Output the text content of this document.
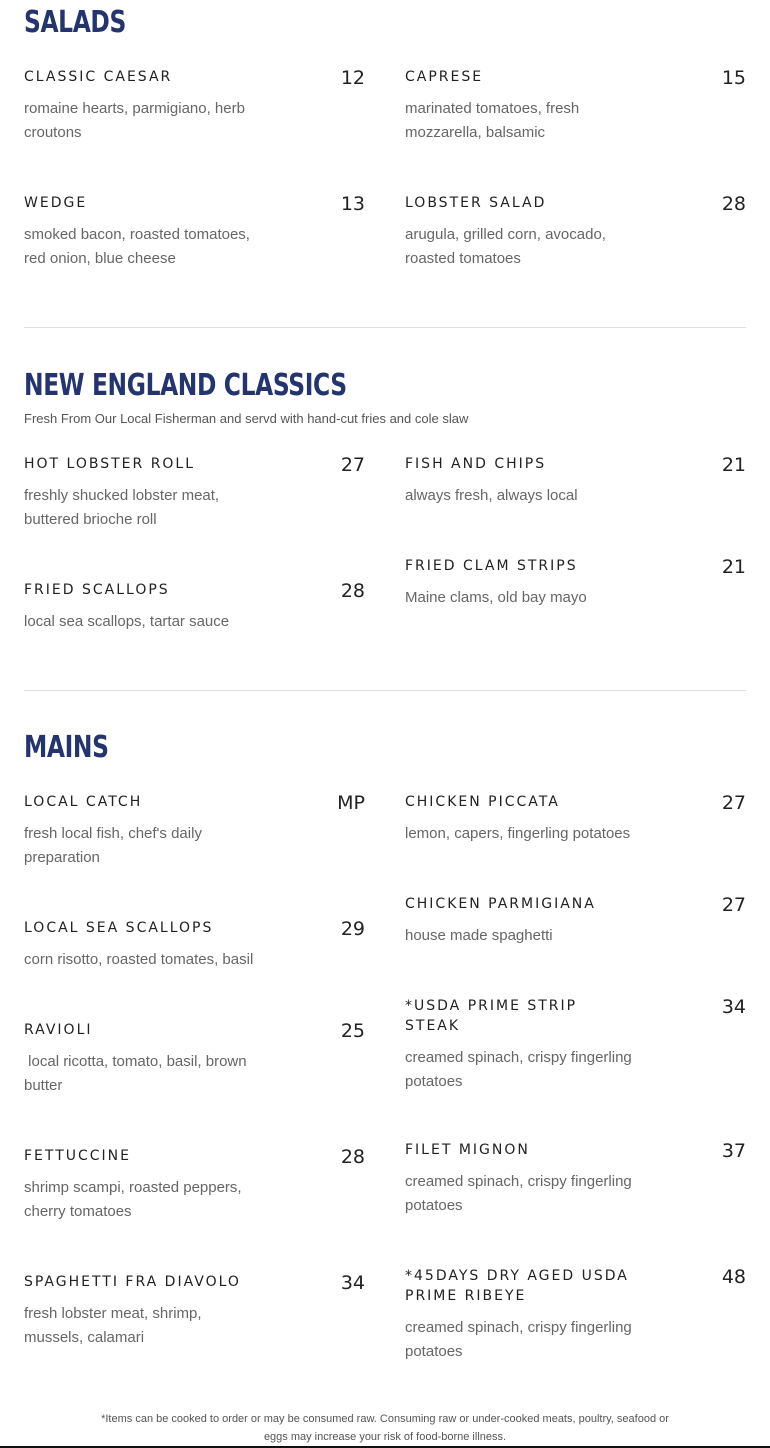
SALADS
CLASSIC CAESAR	12
romaine hearts, parmigiano, herb croutons
CAPRESE	15
marinated tomatoes, fresh mozzarella, balsamic
WEDGE	13
smoked bacon, roasted tomatoes, red onion, blue cheese
LOBSTER SALAD	28
arugula, grilled corn, avocado, roasted tomatoes
NEW ENGLAND CLASSICS
Fresh From Our Local Fisherman and servd with hand-cut fries and cole slaw
HOT LOBSTER ROLL	27
freshly shucked lobster meat, buttered brioche roll
FISH AND CHIPS	21
always fresh, always local
FRIED SCALLOPS	28
local sea scallops, tartar sauce
FRIED CLAM STRIPS	21
Maine clams, old bay mayo
MAINS
LOCAL CATCH	MP
fresh local fish, chef's daily preparation
LOCAL SEA SCALLOPS	29
corn risotto, roasted tomates, basil
RAVIOLI	25
local ricotta, tomato, basil, brown butter
FETTUCCINE	28
shrimp scampi, roasted peppers, cherry tomatoes
SPAGHETTI FRA DIAVOLO	34
fresh lobster meat, shrimp, mussels, calamari
CHICKEN PICCATA	27
lemon, capers, fingerling potatoes
CHICKEN PARMIGIANA	27
house made spaghetti
*USDA PRIME STRIP STEAK
34
creamed spinach, crispy fingerling potatoes
FILET MIGNON	37
creamed spinach, crispy fingerling potatoes
*45DAYS DRY AGED USDA PRIME RIBEYE
48
creamed spinach, crispy fingerling potatoes
*Items can be cooked to order or may be consumed raw. Consuming raw or under-cooked meats, poultry, seafood or
eggs may increase your risk of food-borne illness.
